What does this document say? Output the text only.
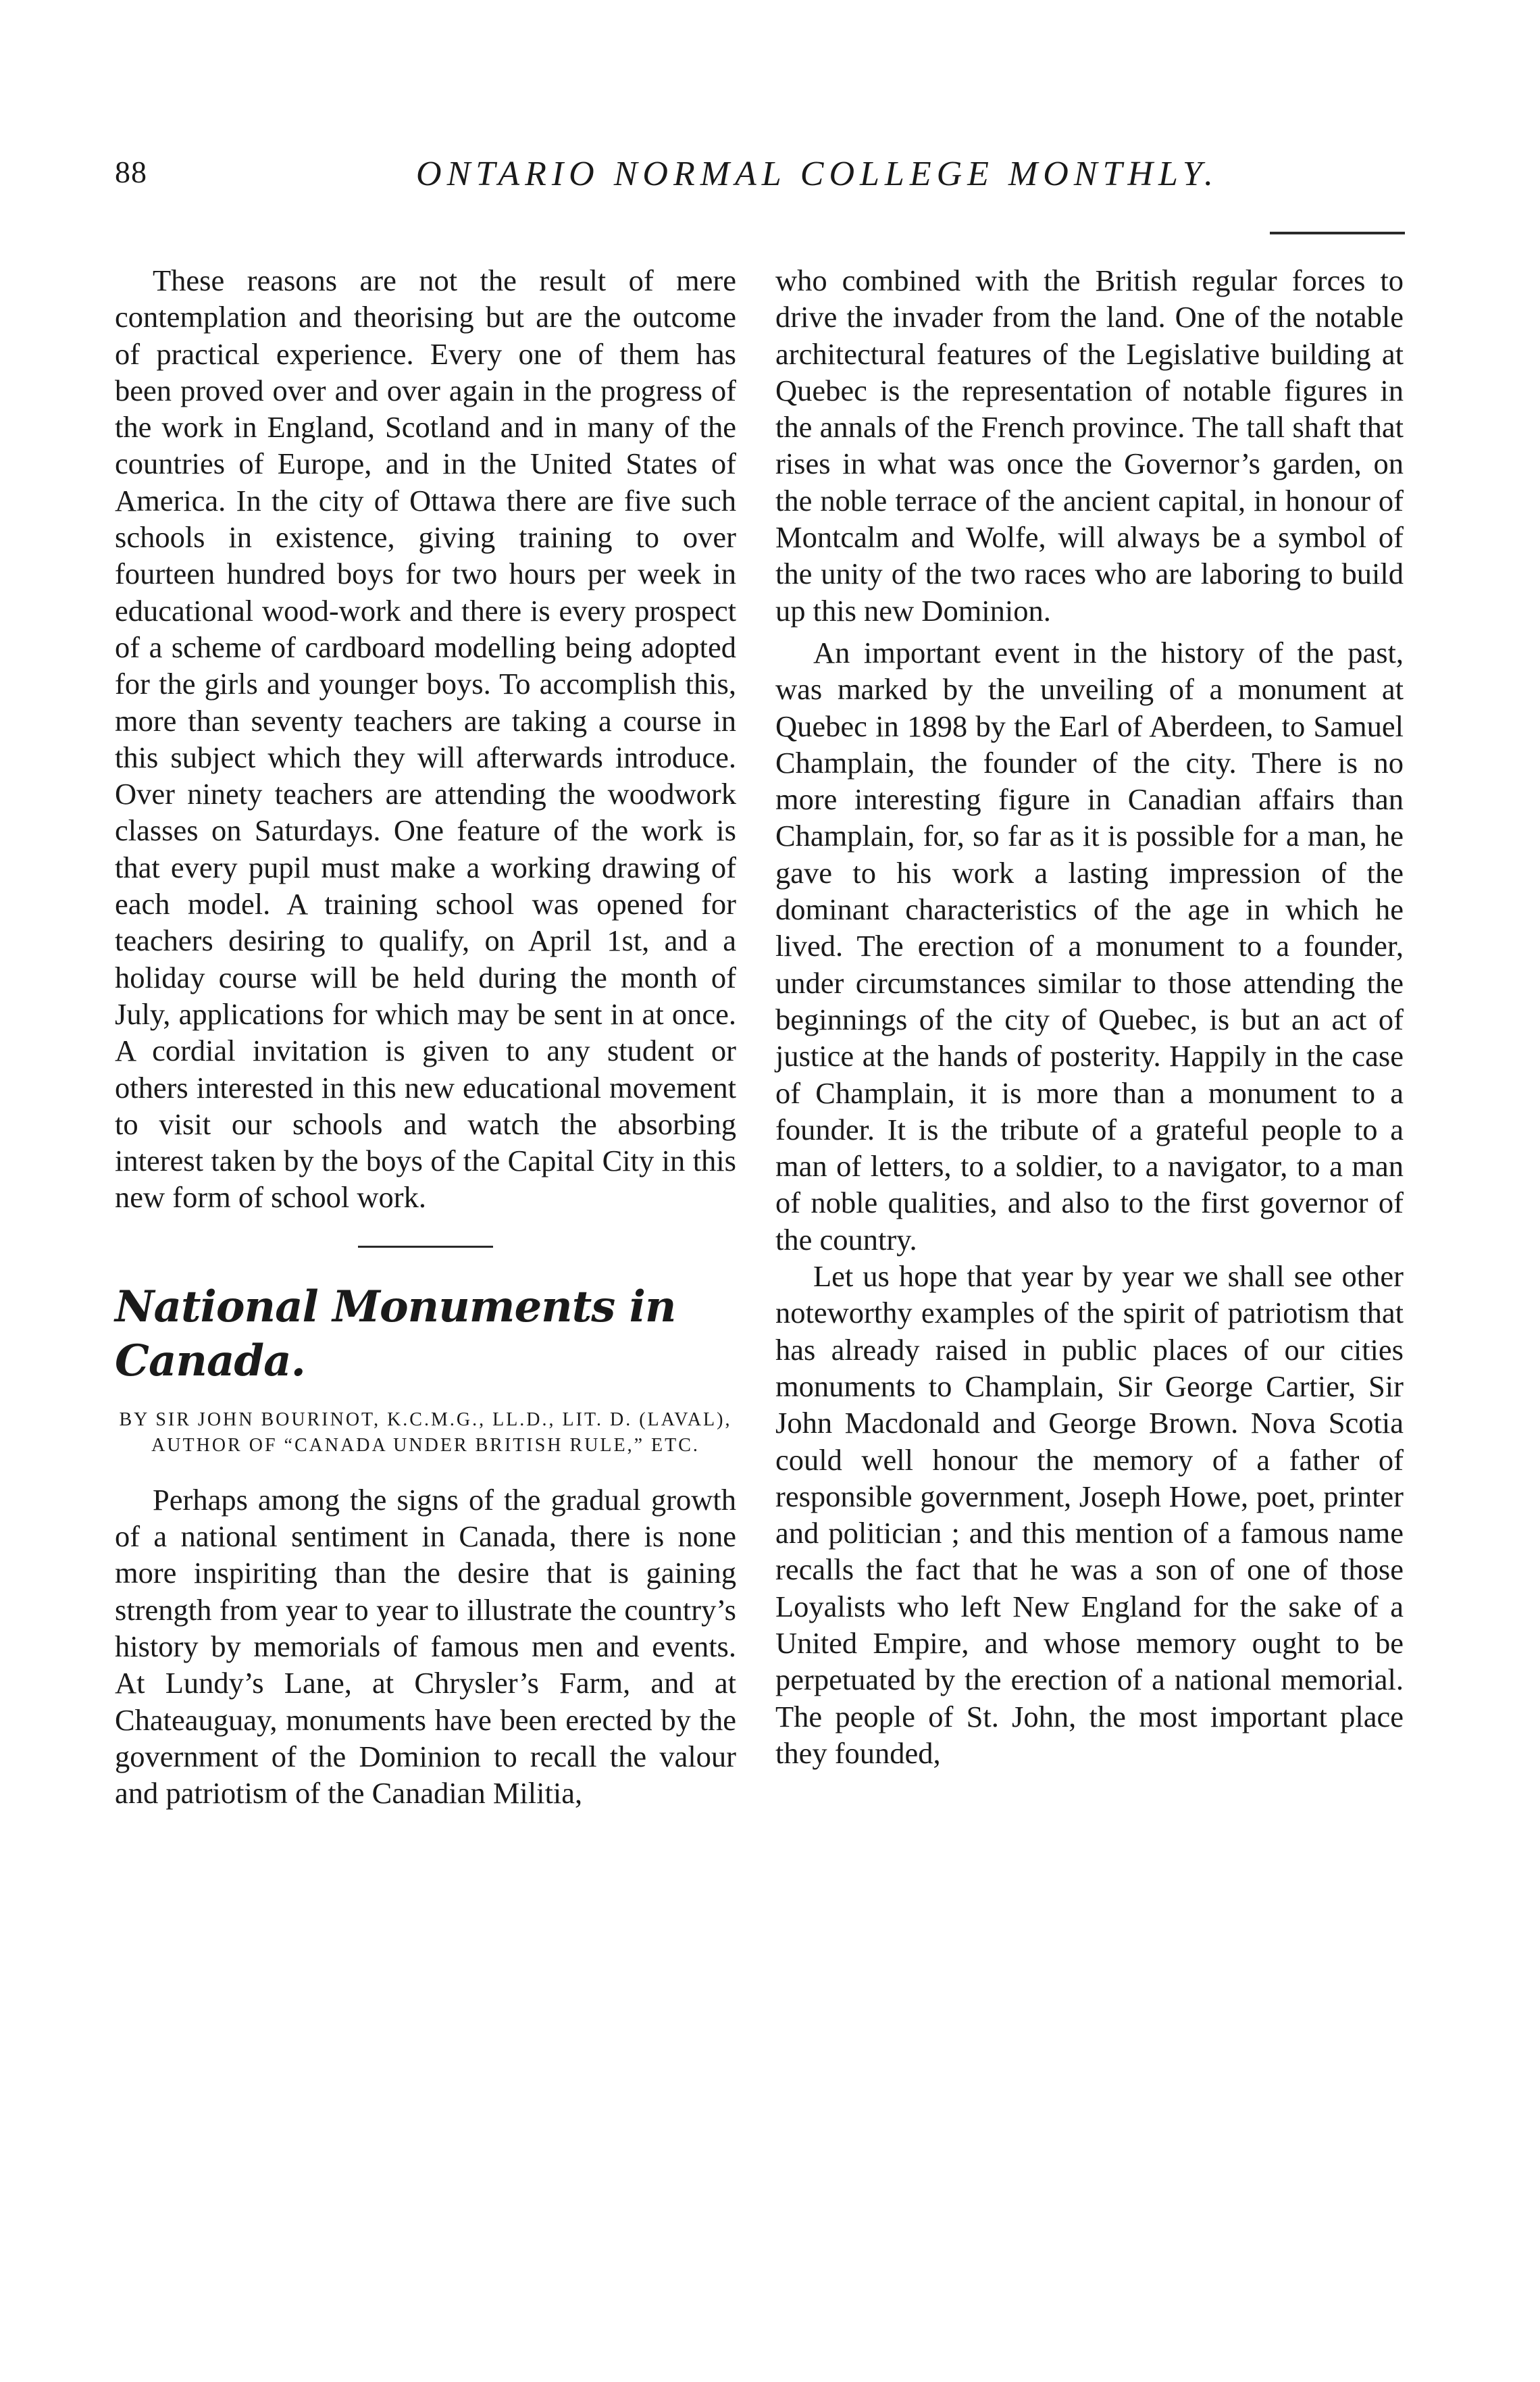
88	ONTARIO NORMAL COLLEGE MONTHLY.

These reasons are not the result of mere contemplation and theorising but are the outcome of practical experience. Every one of them has been proved over and over again in the progress of the work in England, Scotland and in many of the countries of Europe, and in the United States of America. In the city of Ottawa there are five such schools in existence, giving training to over fourteen hundred boys for two hours per week in educational wood-work and there is every prospect of a scheme of cardboard modelling being adopted for the girls and younger boys. To accomplish this, more than seventy teachers are taking a course in this subject which they will afterwards introduce. Over ninety teachers are attending the woodwork classes on Saturdays. One feature of the work is that every pupil must make a working drawing of each model. A training school was opened for teachers desiring to qualify, on April 1st, and a holiday course will be held during the month of July, applications for which may be sent in at once. A cordial invitation is given to any student or others interested in this new educational movement to visit our schools and watch the absorbing interest taken by the boys of the Capital City in this new form of school work.

National Monuments in Canada.
BY SIR JOHN BOURINOT, K.C.M.G., LL.D., LIT. D. (LAVAL), AUTHOR OF “CANADA UNDER BRITISH RULE,” ETC.

Perhaps among the signs of the gradual growth of a national sentiment in Canada, there is none more inspiriting than the desire that is gaining strength from year to year to illustrate the country’s history by memorials of famous men and events. At Lundy’s Lane, at Chrysler’s Farm, and at Chateauguay, monuments have been erected by the government of the Dominion to recall the valour and patriotism of the Canadian Militia,

who combined with the British regular forces to drive the invader from the land. One of the notable architectural features of the Legislative building at Quebec is the representation of notable figures in the annals of the French province. The tall shaft that rises in what was once the Governor’s garden, on the noble terrace of the ancient capital, in honour of Montcalm and Wolfe, will always be a symbol of the unity of the two races who are laboring to build up this new Dominion.

An important event in the history of the past, was marked by the unveiling of a monument at Quebec in 1898 by the Earl of Aberdeen, to Samuel Champlain, the founder of the city. There is no more interesting figure in Canadian affairs than Champlain, for, so far as it is possible for a man, he gave to his work a lasting impression of the dominant characteristics of the age in which he lived. The erection of a monument to a founder, under circumstances similar to those attending the beginnings of the city of Quebec, is but an act of justice at the hands of posterity. Happily in the case of Champlain, it is more than a monument to a founder. It is the tribute of a grateful people to a man of letters, to a soldier, to a navigator, to a man of noble qualities, and also to the first governor of the country.

Let us hope that year by year we shall see other noteworthy examples of the spirit of patriotism that has already raised in public places of our cities monuments to Champlain, Sir George Cartier, Sir John Macdonald and George Brown. Nova Scotia could well honour the memory of a father of responsible government, Joseph Howe, poet, printer and politician ; and this mention of a famous name recalls the fact that he was a son of one of those Loyalists who left New England for the sake of a United Empire, and whose memory ought to be perpetuated by the erection of a national memorial. The people of St. John, the most important place they founded,
